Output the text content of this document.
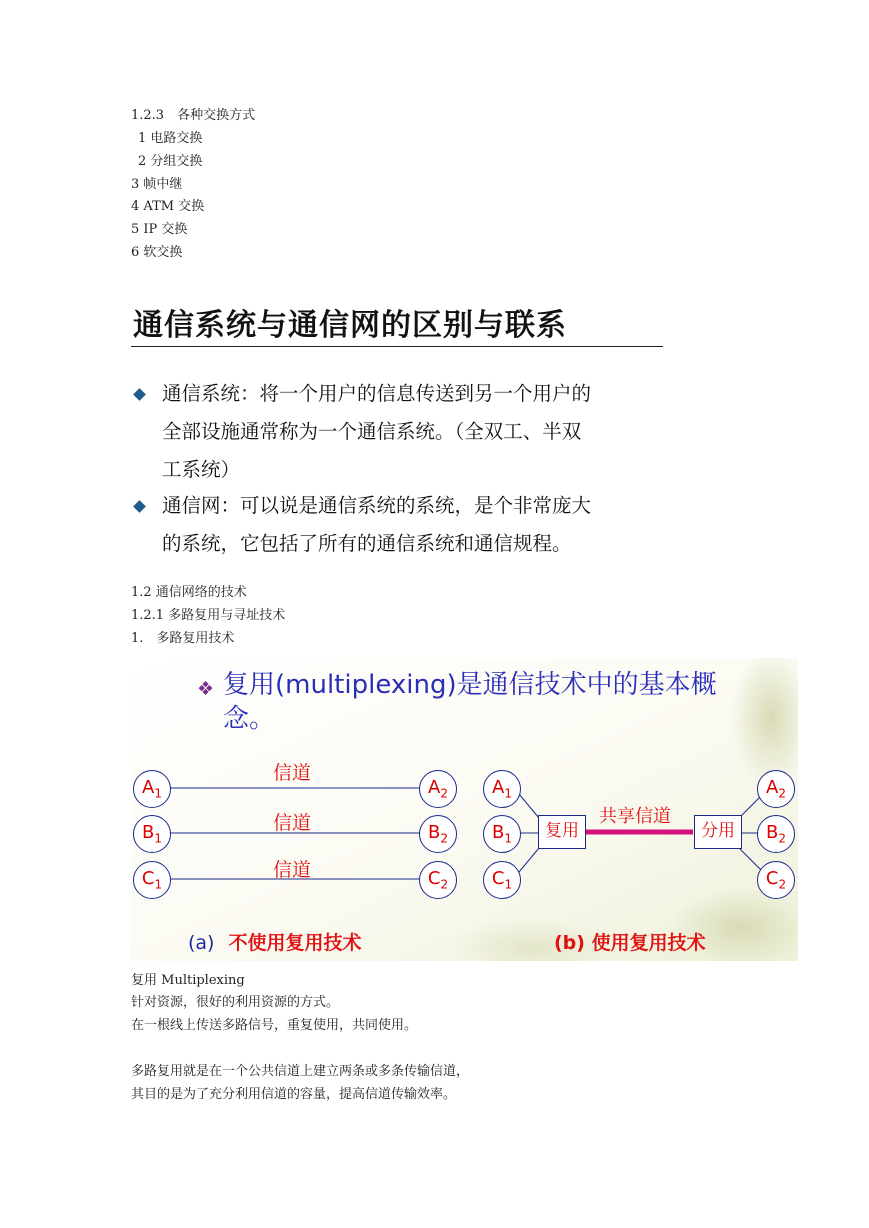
1.2.3　各种交换方式
1 电路交换
2 分组交换
3 帧中继
4 ATM 交换
5 IP 交换
6 软交换
通信系统与通信网的区别与联系
通信系统：将一个用户的信息传送到另一个用户的
全部设施通常称为一个通信系统。（全双工、半双
工系统）
通信网：可以说是通信系统的系统，是个非常庞大
的系统，它包括了所有的通信系统和通信规程。
1.2 通信网络的技术
1.2.1 多路复用与寻址技术
1.　多路复用技术
❖ 复用(multiplexing)是通信技术中的基本概
念。
信道
信道
信道
$A_1$
$B_1$
$C_1$
$A_2$
$B_2$
$C_2$
$A_1$
$B_1$
$C_1$
$A_2$
$B_2$
$C_2$
复用
共享信道
分用
(a) 不使用复用技术	(b) 使用复用技术
复用 Multiplexing
针对资源，很好的利用资源的方式。
在一根线上传送多路信号，重复使用，共同使用。
多路复用就是在一个公共信道上建立两条或多条传输信道，
其目的是为了充分利用信道的容量，提高信道传输效率。
